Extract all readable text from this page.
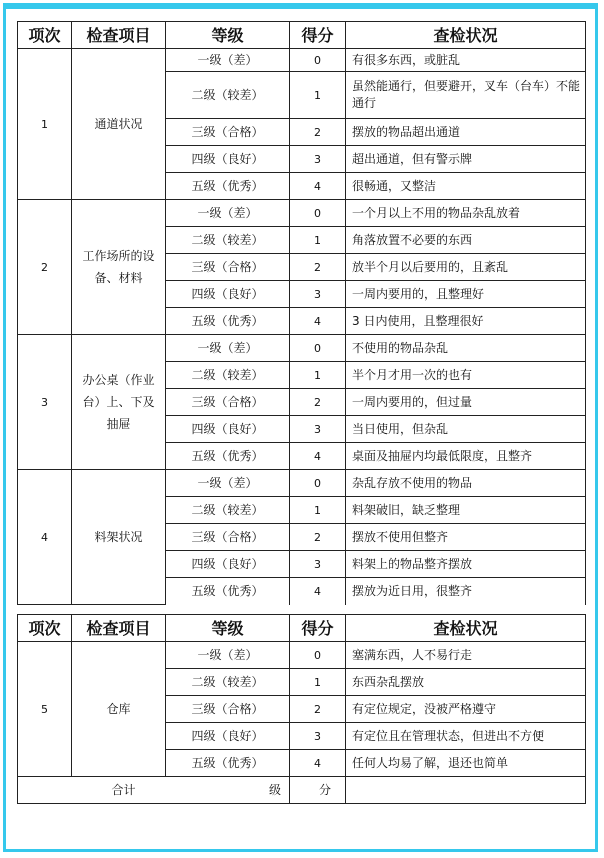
项次	检查项目	等级	得分	查检状况
1	通道状况	一级（差）	0	有很多东西，或脏乱
		二级（较差）	1	虽然能通行，但要避开，叉车（台车）不能通行
		三级（合格）	2	摆放的物品超出通道
		四级（良好）	3	超出通道，但有警示牌
		五级（优秀）	4	很畅通，又整洁
2	工作场所的设备、材料	一级（差）	0	一个月以上不用的物品杂乱放着
		二级（较差）	1	角落放置不必要的东西
		三级（合格）	2	放半个月以后要用的，且紊乱
		四级（良好）	3	一周内要用的，且整理好
		五级（优秀）	4	3 日内使用，且整理很好
3	办公桌（作业台）上、下及抽屉	一级（差）	0	不使用的物品杂乱
		二级（较差）	1	半个月才用一次的也有
		三级（合格）	2	一周内要用的，但过量
		四级（良好）	3	当日使用，但杂乱
		五级（优秀）	4	桌面及抽屉内均最低限度，且整齐
4	料架状况	一级（差）	0	杂乱存放不使用的物品
		二级（较差）	1	料架破旧，缺乏整理
		三级（合格）	2	摆放不使用但整齐
		四级（良好）	3	料架上的物品整齐摆放
		五级（优秀）	4	摆放为近日用，很整齐
项次	检查项目	等级	得分	查检状况
5	仓库	一级（差）	0	塞满东西，人不易行走
		二级（较差）	1	东西杂乱摆放
		三级（合格）	2	有定位规定，没被严格遵守
		四级（良好）	3	有定位且在管理状态，但进出不方便
		五级（优秀）	4	任何人均易了解，退还也简单
合计		级	分	
